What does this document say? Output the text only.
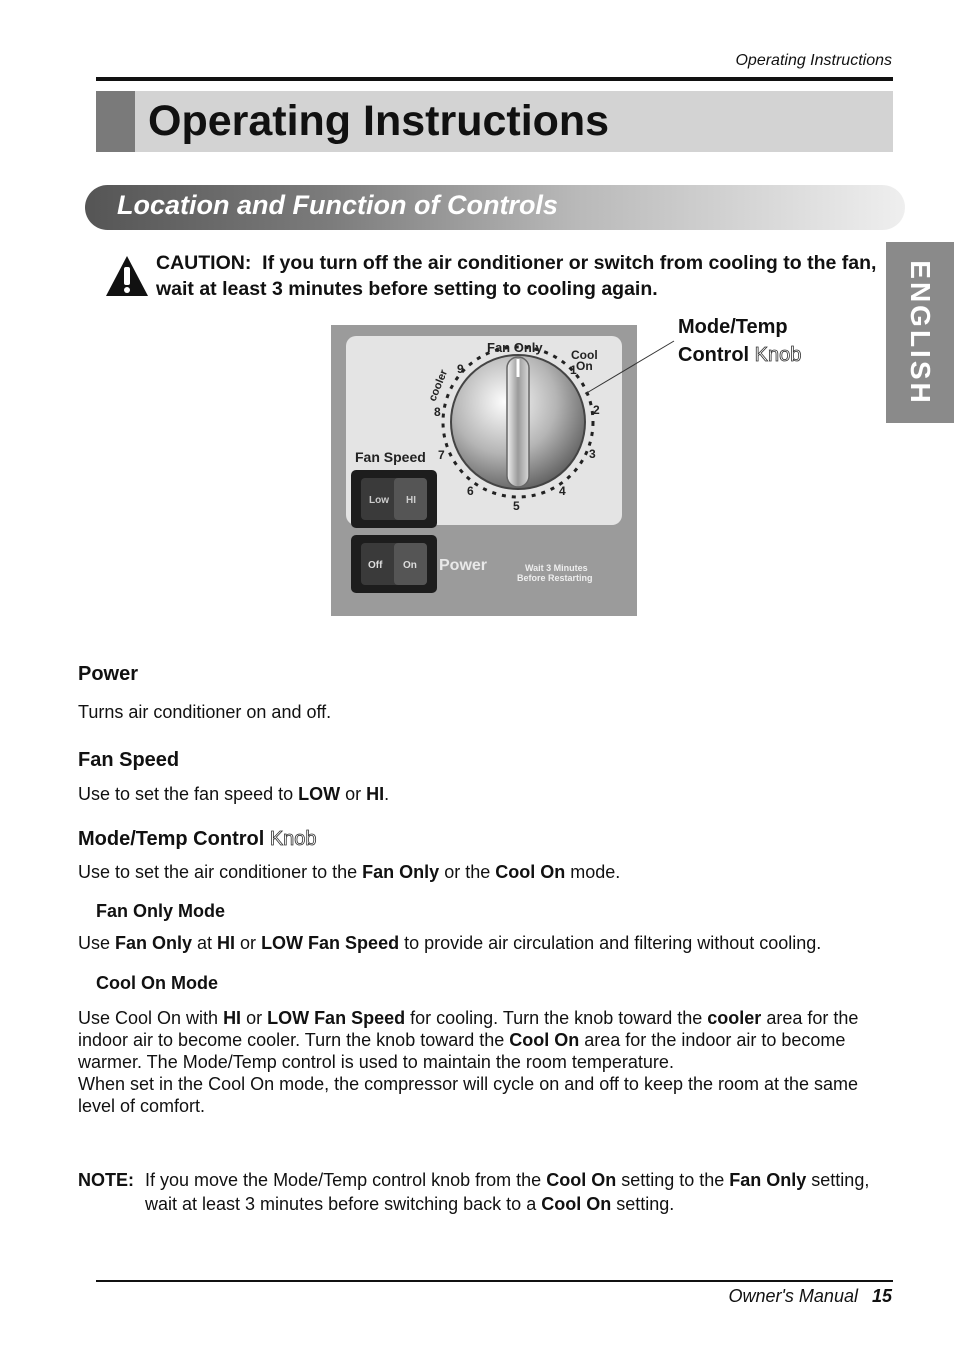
Operating Instructions
Operating Instructions
Location and Function of Controls
ENGLISH
CAUTION: If you turn off the air conditioner or switch from cooling to the fan, wait at least 3 minutes before setting to cooling again.
Fan Only Cool
On
cooler	1
2
3
4
5
6
7
8
9
Fan Speed
Low HI
Off On Power	Wait 3 Minutes
Before Restarting
Mode/Temp
Control Knob
Power
Turns air conditioner on and off.
Fan Speed
Use to set the fan speed to LOW or HI.
Mode/Temp Control Knob
Use to set the air conditioner to the Fan Only or the Cool On mode.
Fan Only Mode
Use Fan Only at HI or LOW Fan Speed to provide air circulation and filtering without cooling.
Cool On Mode
Use Cool On with HI or LOW Fan Speed for cooling. Turn the knob toward the cooler area for the indoor air to become cooler. Turn the knob toward the Cool On area for the indoor air to become warmer. The Mode/Temp control is used to maintain the room temperature.
When set in the Cool On mode, the compressor will cycle on and off to keep the room at the same level of comfort.
NOTE: If you move the Mode/Temp control knob from the Cool On setting to the Fan Only setting, wait at least 3 minutes before switching back to a Cool On setting.
Owner's Manual 15
